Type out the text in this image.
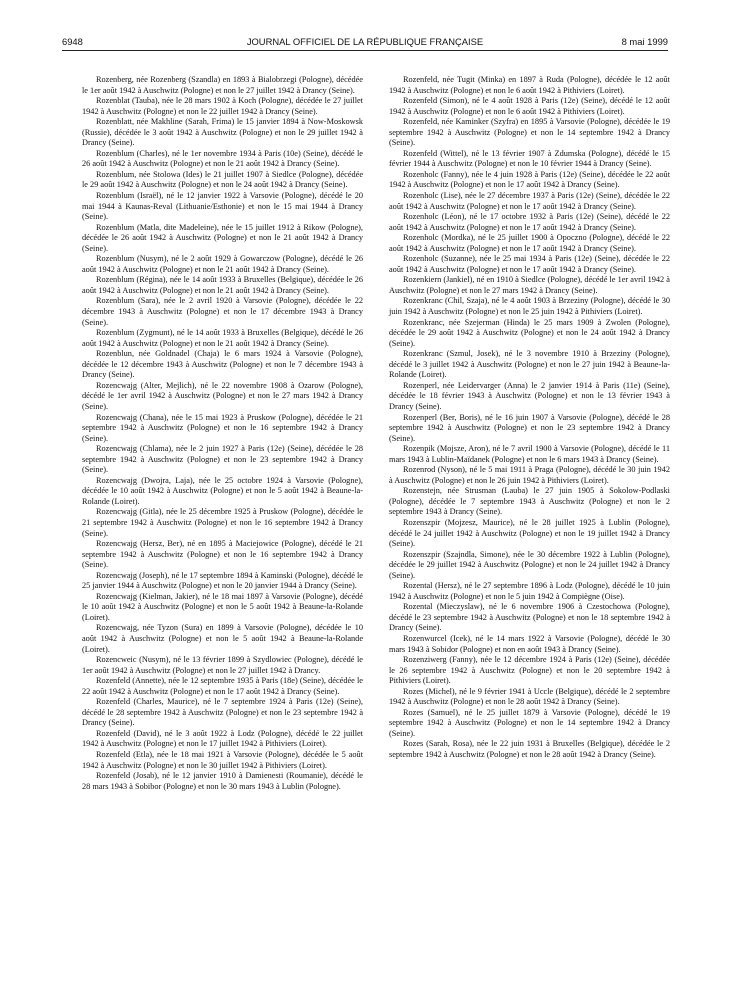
6948	JOURNAL OFFICIEL DE LA RÉPUBLIQUE FRANÇAISE	8 mai 1999

Rozenberg, née Rozenberg (Szandla) en 1893 à Bialobrzegi (Pologne), décédée le 1er août 1942 à Auschwitz (Pologne) et non le 27 juillet 1942 à Drancy (Seine).

Rozenblat (Tauba), née le 28 mars 1902 à Koch (Pologne), décédée le 27 juillet 1942 à Auschwitz (Pologne) et non le 22 juillet 1942 à Drancy (Seine).

Rozenblatt, née Makhline (Sarah, Frima) le 15 janvier 1894 à Now-Moskowsk (Russie), décédée le 3 août 1942 à Auschwitz (Pologne) et non le 29 juillet 1942 à Drancy (Seine).

Rozenblum (Charles), né le 1er novembre 1934 à Paris (10e) (Seine), décédé le 26 août 1942 à Auschwitz (Pologne) et non le 21 août 1942 à Drancy (Seine).

Rozenblum, née Stolowa (Ides) le 21 juillet 1907 à Siedlce (Pologne), décédée le 29 août 1942 à Auschwitz (Pologne) et non le 24 août 1942 à Drancy (Seine).

Rozenblum (Israël), né le 12 janvier 1922 à Varsovie (Pologne), décédé le 20 mai 1944 à Kaunas-Reval (Lithuanie/Esthonie) et non le 15 mai 1944 à Drancy (Seine).

Rozenblum (Matla, dite Madeleine), née le 15 juillet 1912 à Rikow (Pologne), décédée le 26 août 1942 à Auschwitz (Pologne) et non le 21 août 1942 à Drancy (Seine).

Rozenblum (Nusym), né le 2 août 1929 à Gowarczow (Pologne), décédé le 26 août 1942 à Auschwitz (Pologne) et non le 21 août 1942 à Drancy (Seine).

Rozenblum (Régina), née le 14 août 1933 à Bruxelles (Belgique), décédée le 26 août 1942 à Auschwitz (Pologne) et non le 21 août 1942 à Drancy (Seine).

Rozenblum (Sara), née le 2 avril 1920 à Varsovie (Pologne), décédée le 22 décembre 1943 à Auschwitz (Pologne) et non le 17 décembre 1943 à Drancy (Seine).

Rozenblum (Zygmunt), né le 14 août 1933 à Bruxelles (Belgique), décédé le 26 août 1942 à Auschwitz (Pologne) et non le 21 août 1942 à Drancy (Seine).

Rozenblun, née Goldnadel (Chaja) le 6 mars 1924 à Varsovie (Pologne), décédée le 12 décembre 1943 à Auschwitz (Pologne) et non le 7 décembre 1943 à Drancy (Seine).

Rozencwajg (Alter, Mejlich), né le 22 novembre 1908 à Ozarow (Pologne), décédé le 1er avril 1942 à Auschwitz (Pologne) et non le 27 mars 1942 à Drancy (Seine).

Rozencwajg (Chana), née le 15 mai 1923 à Pruskow (Pologne), décédée le 21 septembre 1942 à Auschwitz (Pologne) et non le 16 septembre 1942 à Drancy (Seine).

Rozencwajg (Chlama), née le 2 juin 1927 à Paris (12e) (Seine), décédée le 28 septembre 1942 à Auschwitz (Pologne) et non le 23 septembre 1942 à Drancy (Seine).

Rozencwajg (Dwojra, Laja), née le 25 octobre 1924 à Varsovie (Pologne), décédée le 10 août 1942 à Auschwitz (Pologne) et non le 5 août 1942 à Beaune-la-Rolande (Loiret).

Rozencwajg (Gitla), née le 25 décembre 1925 à Pruskow (Pologne), décédée le 21 septembre 1942 à Auschwitz (Pologne) et non le 16 septembre 1942 à Drancy (Seine).

Rozencwajg (Hersz, Ber), né en 1895 à Maciejowice (Pologne), décédé le 21 septembre 1942 à Auschwitz (Pologne) et non le 16 septembre 1942 à Drancy (Seine).

Rozencwajg (Joseph), né le 17 septembre 1894 à Kaminski (Pologne), décédé le 25 janvier 1944 à Auschwitz (Pologne) et non le 20 janvier 1944 à Drancy (Seine).

Rozencwajg (Kielman, Jakier), né le 18 mai 1897 à Varsovie (Pologne), décédé le 10 août 1942 à Auschwitz (Pologne) et non le 5 août 1942 à Beaune-la-Rolande (Loiret).

Rozencwajg, née Tyzon (Sura) en 1899 à Varsovie (Pologne), décédée le 10 août 1942 à Auschwitz (Pologne) et non le 5 août 1942 à Beaune-la-Rolande (Loiret).

Rozencweic (Nusym), né le 13 février 1899 à Szydlowiec (Pologne), décédé le 1er août 1942 à Auschwitz (Pologne) et non le 27 juillet 1942 à Drancy.

Rozenfeld (Annette), née le 12 septembre 1935 à Paris (18e) (Seine), décédée le 22 août 1942 à Auschwitz (Pologne) et non le 17 août 1942 à Drancy (Seine).

Rozenfeld (Charles, Maurice), né le 7 septembre 1924 à Paris (12e) (Seine), décédé le 28 septembre 1942 à Auschwitz (Pologne) et non le 23 septembre 1942 à Drancy (Seine).

Rozenfeld (David), né le 3 août 1922 à Lodz (Pologne), décédé le 22 juillet 1942 à Auschwitz (Pologne) et non le 17 juillet 1942 à Pithiviers (Loiret).

Rozenfeld (Etla), née le 18 mai 1921 à Varsovie (Pologne), décédée le 5 août 1942 à Auschwitz (Pologne) et non le 30 juillet 1942 à Pithiviers (Loiret).

Rozenfeld (Josab), né le 12 janvier 1910 à Damienesti (Roumanie), décédé le 28 mars 1943 à Sobibor (Pologne) et non le 30 mars 1943 à Lublin (Pologne).

Rozenfeld, née Tugit (Minka) en 1897 à Ruda (Pologne), décédée le 12 août 1942 à Auschwitz (Pologne) et non le 6 août 1942 à Pithiviers (Loiret).

Rozenfeld (Simon), né le 4 août 1928 à Paris (12e) (Seine), décédé le 12 août 1942 à Auschwitz (Pologne) et non le 6 août 1942 à Pithiviers (Loiret).

Rozenfeld, née Kaminker (Szyfra) en 1895 à Varsovie (Pologne), décédée le 19 septembre 1942 à Auschwitz (Pologne) et non le 14 septembre 1942 à Drancy (Seine).

Rozenfeld (Wittel), né le 13 février 1907 à Zdumska (Pologne), décédé le 15 février 1944 à Auschwitz (Pologne) et non le 10 février 1944 à Drancy (Seine).

Rozenholc (Fanny), née le 4 juin 1928 à Paris (12e) (Seine), décédée le 22 août 1942 à Auschwitz (Pologne) et non le 17 août 1942 à Drancy (Seine).

Rozenholc (Lise), née le 27 décembre 1937 à Paris (12e) (Seine), décédée le 22 août 1942 à Auschwitz (Pologne) et non le 17 août 1942 à Drancy (Seine).

Rozenholc (Léon), né le 17 octobre 1932 à Paris (12e) (Seine), décédé le 22 août 1942 à Auschwitz (Pologne) et non le 17 août 1942 à Drancy (Seine).

Rozenholc (Mordka), né le 25 juillet 1900 à Opoczno (Pologne), décédé le 22 août 1942 à Auschwitz (Pologne) et non le 17 août 1942 à Drancy (Seine).

Rozenholc (Suzanne), née le 25 mai 1934 à Paris (12e) (Seine), décédée le 22 août 1942 à Auschwitz (Pologne) et non le 17 août 1942 à Drancy (Seine).

Rozenkiern (Jankiel), né en 1910 à Siedlce (Pologne), décédé le 1er avril 1942 à Auschwitz (Pologne) et non le 27 mars 1942 à Drancy (Seine).

Rozenkranc (Chil, Szaja), né le 4 août 1903 à Brzeziny (Pologne), décédé le 30 juin 1942 à Auschwitz (Pologne) et non le 25 juin 1942 à Pithiviers (Loiret).

Rozenkranc, née Szejerman (Hinda) le 25 mars 1909 à Zwolen (Pologne), décédée le 29 août 1942 à Auschwitz (Pologne) et non le 24 août 1942 à Drancy (Seine).

Rozenkranc (Szmul, Josek), né le 3 novembre 1910 à Brzeziny (Pologne), décédé le 3 juillet 1942 à Auschwitz (Pologne) et non le 27 juin 1942 à Beaune-la-Rolande (Loiret).

Rozenperl, née Leidervarger (Anna) le 2 janvier 1914 à Paris (11e) (Seine), décédée le 18 février 1943 à Auschwitz (Pologne) et non le 13 février 1943 à Drancy (Seine).

Rozenperl (Ber, Boris), né le 16 juin 1907 à Varsovie (Pologne), décédé le 28 septembre 1942 à Auschwitz (Pologne) et non le 23 septembre 1942 à Drancy (Seine).

Rozenpik (Mojsze, Aron), né le 7 avril 1900 à Varsovie (Pologne), décédé le 11 mars 1943 à Lublin-Maïdanek (Pologne) et non le 6 mars 1943 à Drancy (Seine).

Rozenrod (Nyson), né le 5 mai 1911 à Praga (Pologne), décédé le 30 juin 1942 à Auschwitz (Pologne) et non le 26 juin 1942 à Pithiviers (Loiret).

Rozenstejn, née Strusman (Lauba) le 27 juin 1905 à Sokolow-Podlaski (Pologne), décédée le 7 septembre 1943 à Auschwitz (Pologne) et non le 2 septembre 1943 à Drancy (Seine).

Rozenszpir (Mojzesz, Maurice), né le 28 juillet 1925 à Lublin (Pologne), décédé le 24 juillet 1942 à Auschwitz (Pologne) et non le 19 juillet 1942 à Drancy (Seine).

Rozenszpir (Szajndla, Simone), née le 30 décembre 1922 à Lublin (Pologne), décédée le 29 juillet 1942 à Auschwitz (Pologne) et non le 24 juillet 1942 à Drancy (Seine).

Rozental (Hersz), né le 27 septembre 1896 à Lodz (Pologne), décédé le 10 juin 1942 à Auschwitz (Pologne) et non le 5 juin 1942 à Compiègne (Oise).

Rozental (Mieczyslaw), né le 6 novembre 1906 à Czestochowa (Pologne), décédé le 23 septembre 1942 à Auschwitz (Pologne) et non le 18 septembre 1942 à Drancy (Seine).

Rozenwurcel (Icek), né le 14 mars 1922 à Varsovie (Pologne), décédé le 30 mars 1943 à Sobidor (Pologne) et non en août 1943 à Drancy (Seine).

Rozenziwerg (Fanny), née le 12 décembre 1924 à Paris (12e) (Seine), décédée le 26 septembre 1942 à Auschwitz (Pologne) et non le 20 septembre 1942 à Pithiviers (Loiret).

Rozes (Michel), né le 9 février 1941 à Uccle (Belgique), décédé le 2 septembre 1942 à Auschwitz (Pologne) et non le 28 août 1942 à Drancy (Seine).

Rozes (Samuel), né le 25 juillet 1879 à Varsovie (Pologne), décédé le 19 septembre 1942 à Auschwitz (Pologne) et non le 14 septembre 1942 à Drancy (Seine).

Rozes (Sarah, Rosa), née le 22 juin 1931 à Bruxelles (Belgique), décédée le 2 septembre 1942 à Auschwitz (Pologne) et non le 28 août 1942 à Drancy (Seine).
